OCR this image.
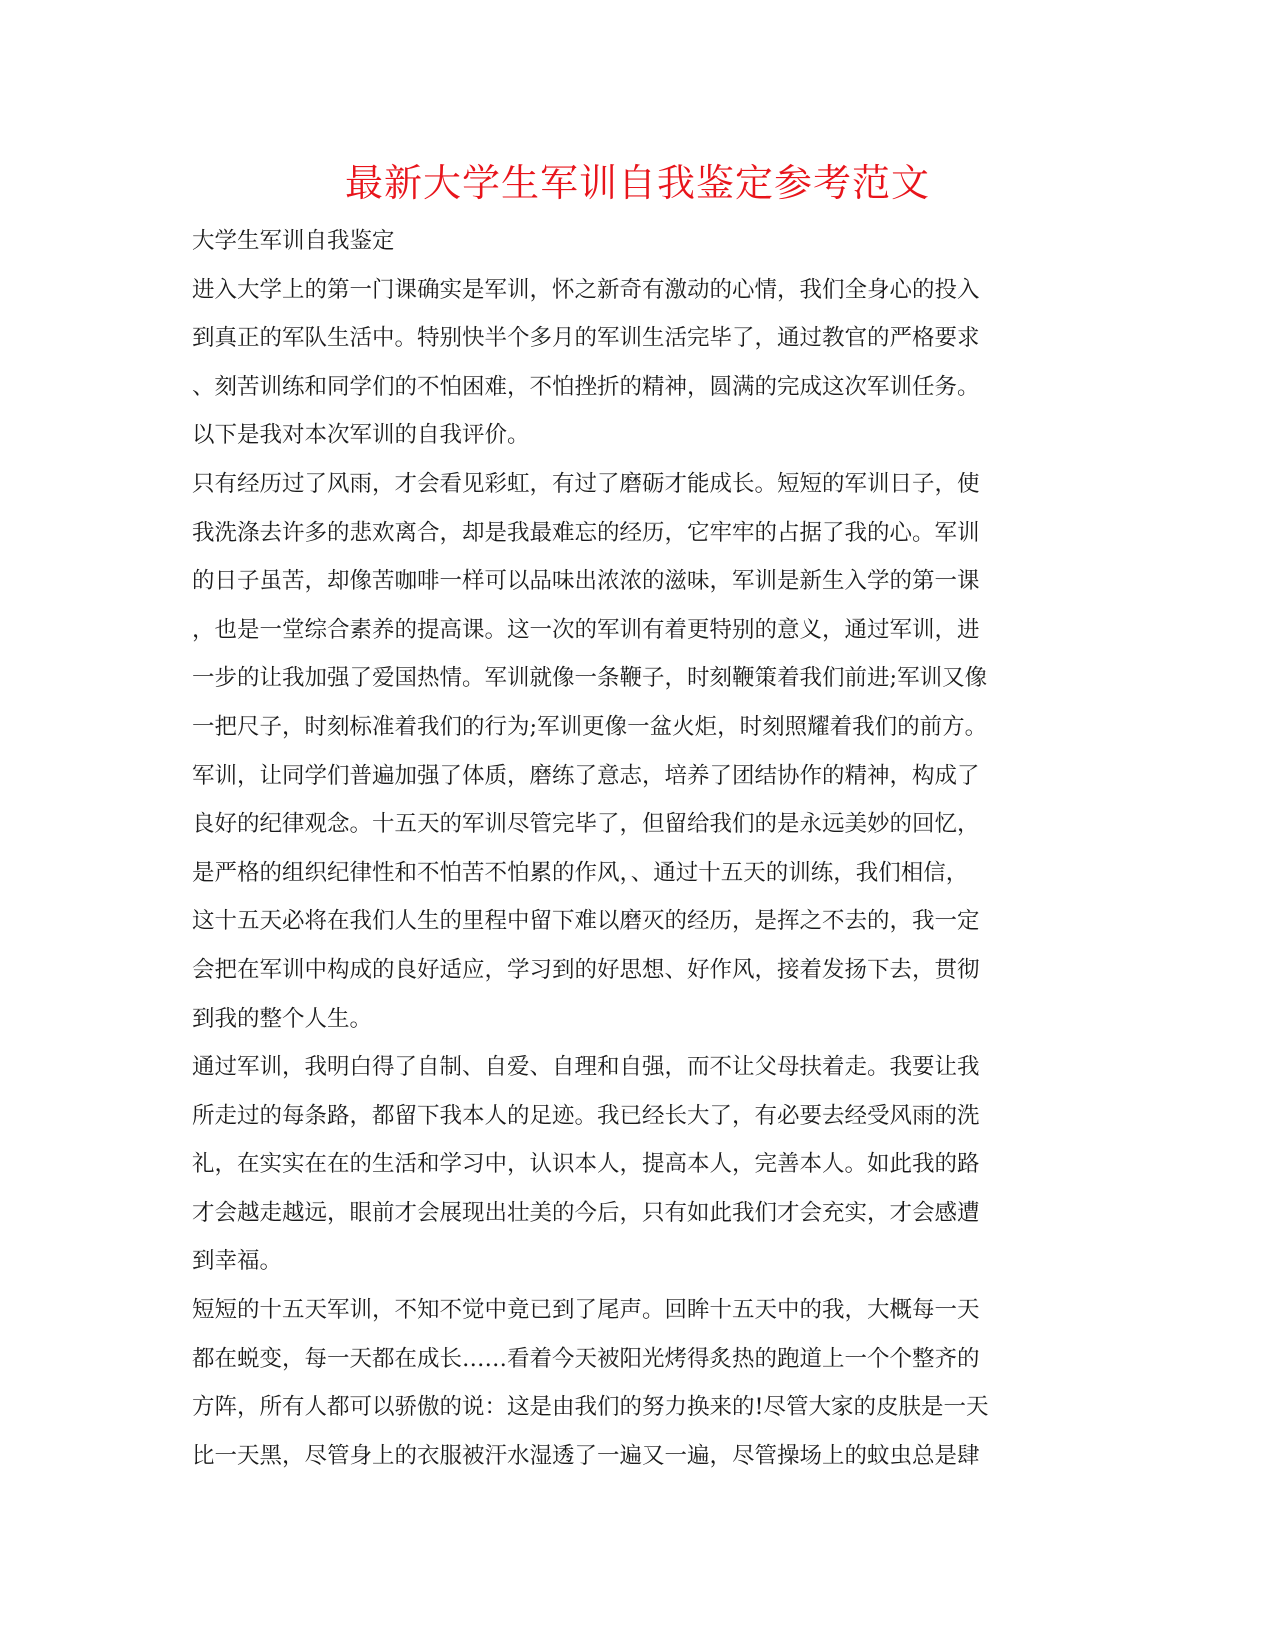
最新大学生军训自我鉴定参考范文

大学生军训自我鉴定

进入大学上的第一门课确实是军训，怀之新奇有激动的心情，我们全身心的投入

到真正的军队生活中。特别快半个多月的军训生活完毕了，通过教官的严格要求

、刻苦训练和同学们的不怕困难，不怕挫折的精神，圆满的完成这次军训任务。

以下是我对本次军训的自我评价。

只有经历过了风雨，才会看见彩虹，有过了磨砺才能成长。短短的军训日子，使

我洗涤去许多的悲欢离合，却是我最难忘的经历，它牢牢的占据了我的心。军训

的日子虽苦，却像苦咖啡一样可以品味出浓浓的滋味，军训是新生入学的第一课

，也是一堂综合素养的提高课。这一次的军训有着更特别的意义，通过军训，进

一步的让我加强了爱国热情。军训就像一条鞭子，时刻鞭策着我们前进;军训又像

一把尺子，时刻标准着我们的行为;军训更像一盆火炬，时刻照耀着我们的前方。

军训，让同学们普遍加强了体质，磨练了意志，培养了团结协作的精神，构成了

良好的纪律观念。十五天的军训尽管完毕了，但留给我们的是永远美妙的回忆，

是严格的组织纪律性和不怕苦不怕累的作风，、通过十五天的训练，我们相信，

这十五天必将在我们人生的里程中留下难以磨灭的经历，是挥之不去的，我一定

会把在军训中构成的良好适应，学习到的好思想、好作风，接着发扬下去，贯彻

到我的整个人生。

通过军训，我明白得了自制、自爱、自理和自强，而不让父母扶着走。我要让我

所走过的每条路，都留下我本人的足迹。我已经长大了，有必要去经受风雨的洗

礼，在实实在在的生活和学习中，认识本人，提高本人，完善本人。如此我的路

才会越走越远，眼前才会展现出壮美的今后，只有如此我们才会充实，才会感遭

到幸福。

短短的十五天军训，不知不觉中竟已到了尾声。回眸十五天中的我，大概每一天

都在蜕变，每一天都在成长……看着今天被阳光烤得炙热的跑道上一个个整齐的

方阵，所有人都可以骄傲的说：这是由我们的努力换来的!尽管大家的皮肤是一天

比一天黑，尽管身上的衣服被汗水湿透了一遍又一遍，尽管操场上的蚊虫总是肆
